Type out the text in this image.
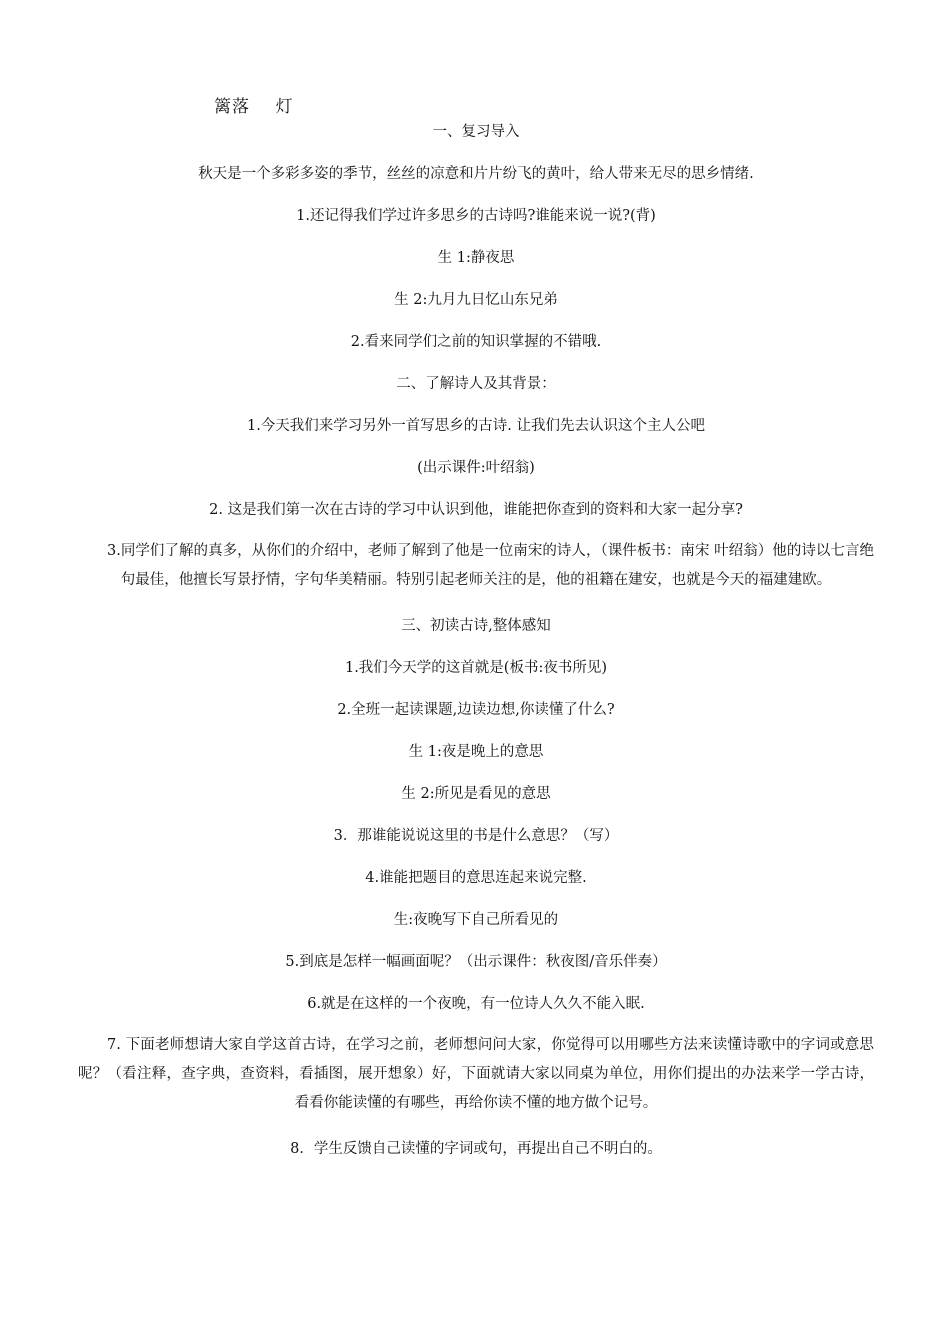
篱落    灯

一、复习导入

秋天是一个多彩多姿的季节，丝丝的凉意和片片纷飞的黄叶，给人带来无尽的思乡情绪.

1.还记得我们学过许多思乡的古诗吗?谁能来说一说?(背)

生 1:静夜思

生 2:九月九日忆山东兄弟

2.看来同学们之前的知识掌握的不错哦.

二、了解诗人及其背景：

1.今天我们来学习另外一首写思乡的古诗. 让我们先去认识这个主人公吧

(出示课件:叶绍翁)

2. 这是我们第一次在古诗的学习中认识到他，谁能把你查到的资料和大家一起分享?

3.同学们了解的真多，从你们的介绍中，老师了解到了他是一位南宋的诗人，（课件板书：南宋 叶绍翁）他的诗以七言绝句最佳，他擅长写景抒情，字句华美精丽。特别引起老师关注的是，他的祖籍在建安，也就是今天的福建建欧。

三、初读古诗,整体感知

1.我们今天学的这首就是(板书:夜书所见)

2.全班一起读课题,边读边想,你读懂了什么?

生 1:夜是晚上的意思

生 2:所见是看见的意思

3．那谁能说说这里的书是什么意思？（写）

4.谁能把题目的意思连起来说完整.

生:夜晚写下自己所看见的

5.到底是怎样一幅画面呢？（出示课件：秋夜图/音乐伴奏）

6.就是在这样的一个夜晚，有一位诗人久久不能入眠.

7. 下面老师想请大家自学这首古诗，在学习之前，老师想问问大家，你觉得可以用哪些方法来读懂诗歌中的字词或意思呢？（看注释，查字典，查资料，看插图，展开想象）好，下面就请大家以同桌为单位，用你们提出的办法来学一学古诗，看看你能读懂的有哪些，再给你读不懂的地方做个记号。

8．学生反馈自己读懂的字词或句，再提出自己不明白的。
